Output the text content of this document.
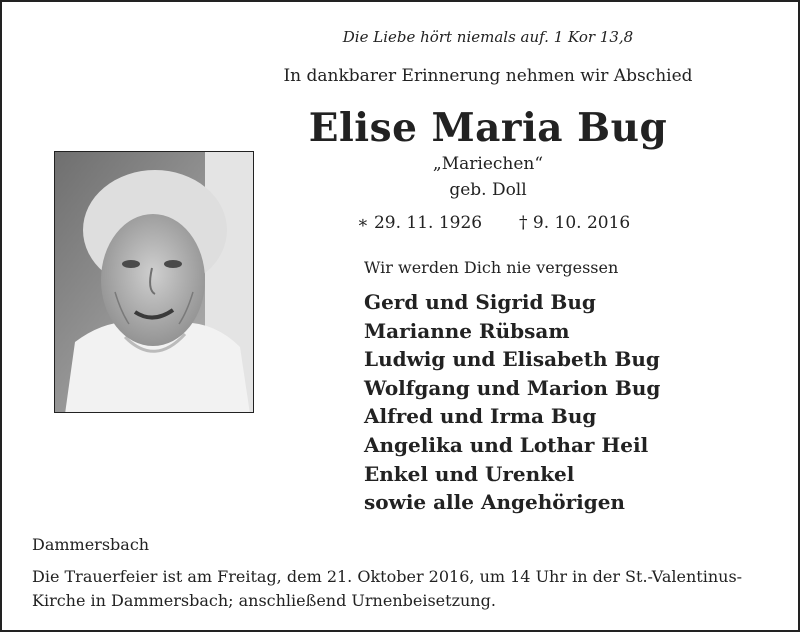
Die Liebe hört niemals auf. 1 Kor 13,8
In dankbarer Erinnerung nehmen wir Abschied
Elise Maria Bug
„Mariechen“
geb. Doll
∗ 29. 11. 1926 † 9. 10. 2016
Wir werden Dich nie vergessen
Gerd und Sigrid Bug
Marianne Rübsam
Ludwig und Elisabeth Bug
Wolfgang und Marion Bug
Alfred und Irma Bug
Angelika und Lothar Heil
Enkel und Urenkel
sowie alle Angehörigen
Dammersbach
Die Trauerfeier ist am Freitag, dem 21. Oktober 2016, um 14 Uhr in der St.-Valentinus-Kirche in Dammersbach; anschließend Urnenbeisetzung.
